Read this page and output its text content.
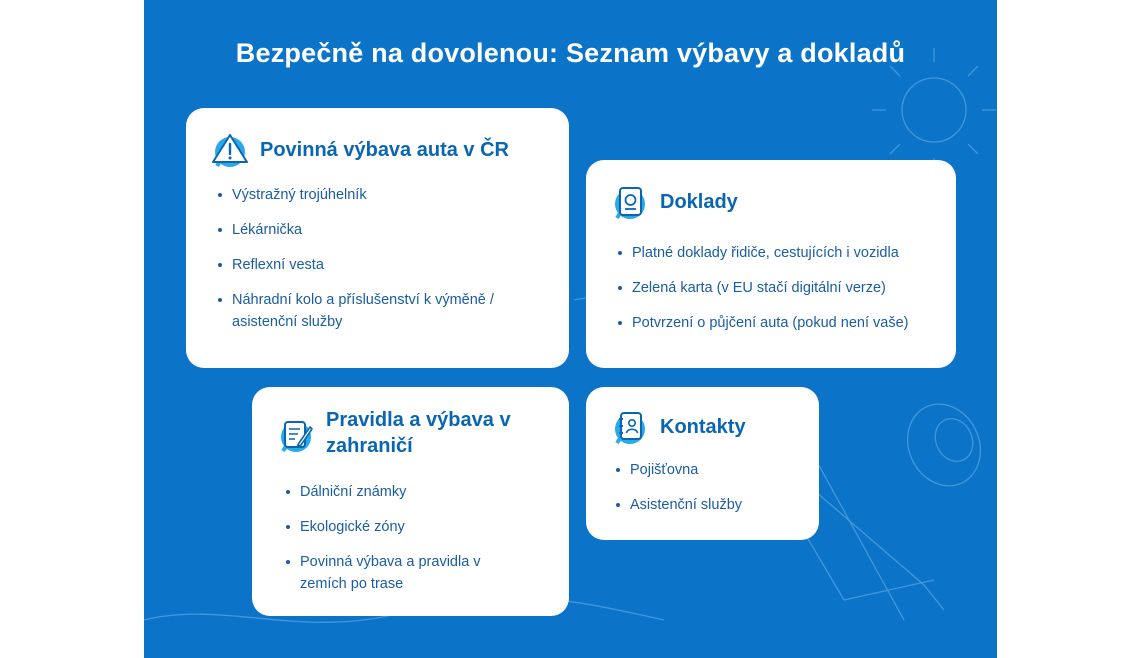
Bezpečně na dovolenou: Seznam výbavy a dokladů
Povinná výbava auta v ČR
Výstražný trojúhelník
Lékárnička
Reflexní vesta
Náhradní kolo a příslušenství k výměně / asistenční služby
Doklady
Platné doklady řidiče, cestujících i vozidla
Zelená karta (v EU stačí digitální verze)
Potvrzení o půjčení auta (pokud není vaše)
Pravidla a výbava v zahraničí
Dálniční známky
Ekologické zóny
Povinná výbava a pravidla v zemích po trase
Kontakty
Pojišťovna
Asistenční služby
